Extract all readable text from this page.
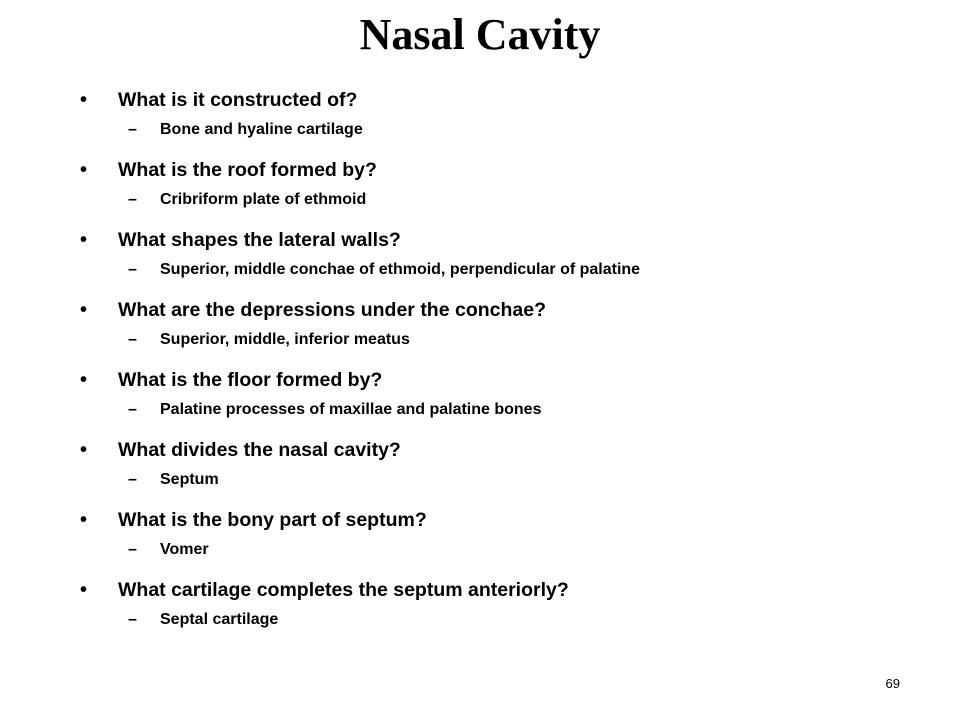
Nasal Cavity
• What is it constructed of?
– Bone and hyaline cartilage
• What is the roof formed by?
– Cribriform plate of ethmoid
• What shapes the lateral walls?
– Superior, middle conchae of ethmoid, perpendicular of palatine
• What are the depressions under the conchae?
– Superior, middle, inferior meatus
• What is the floor formed by?
– Palatine processes of maxillae and palatine bones
• What divides the nasal cavity?
– Septum
• What is the bony part of septum?
– Vomer
• What cartilage completes the septum anteriorly?
– Septal cartilage
69
